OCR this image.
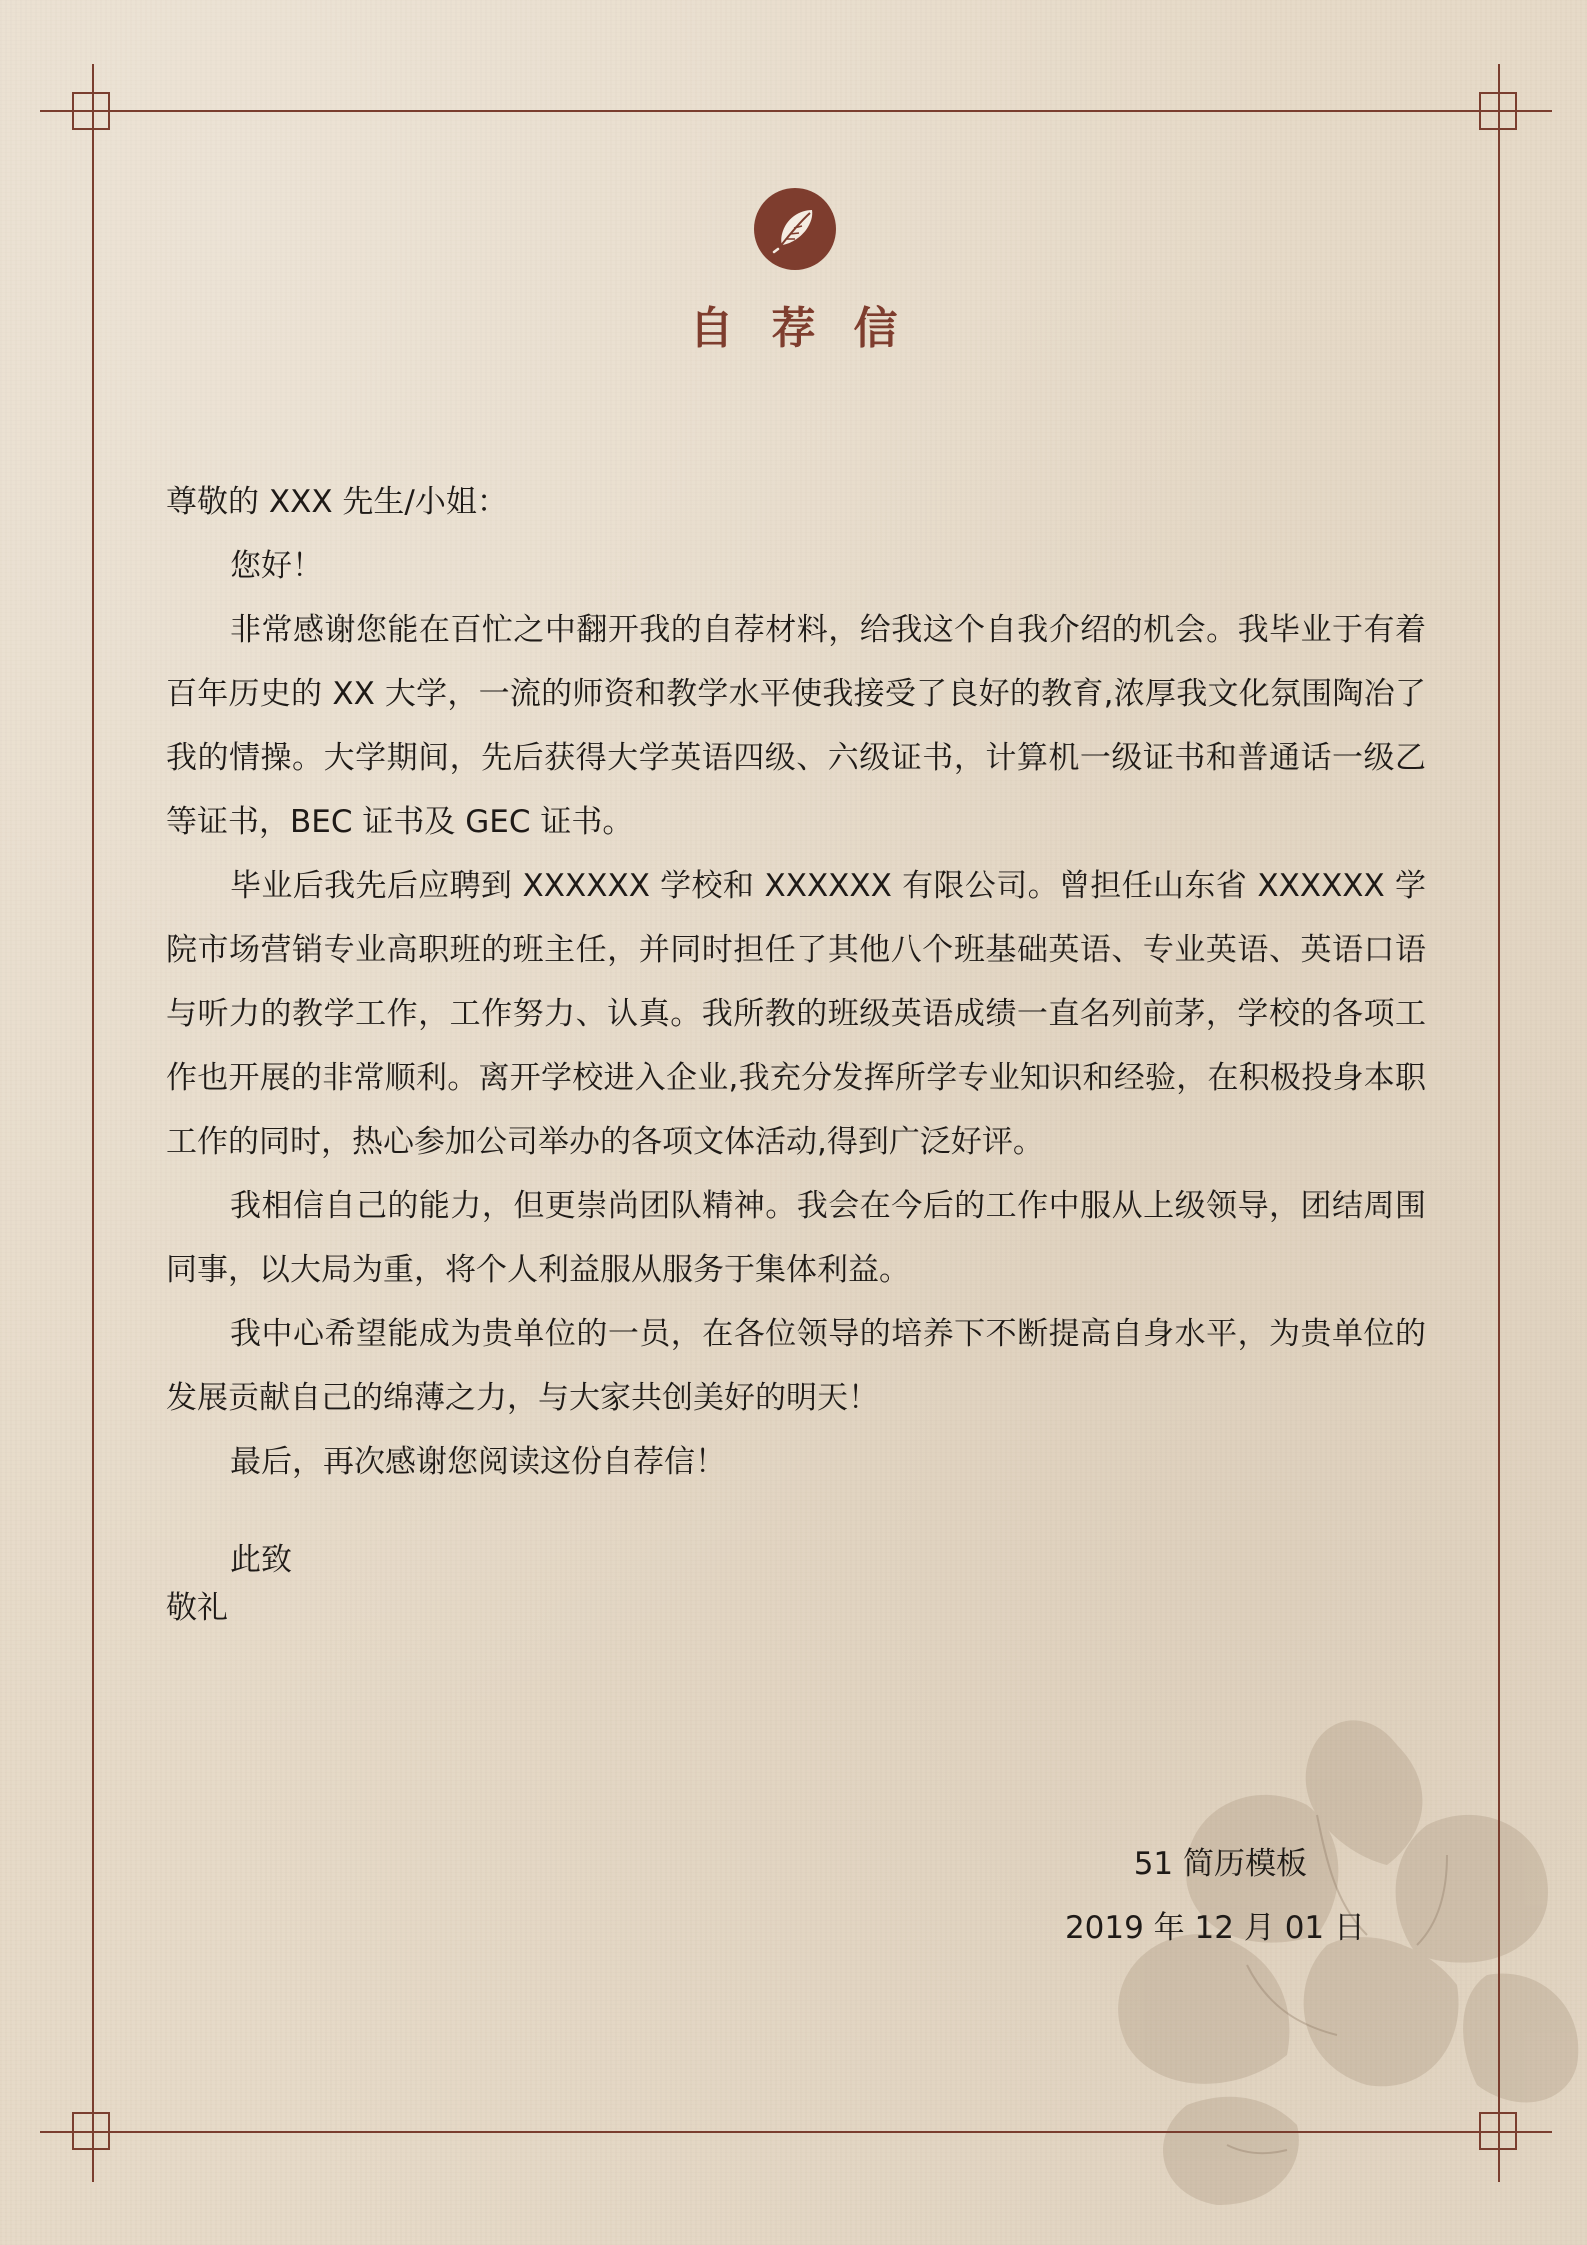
自荐信

尊敬的 XXX 先生/小姐：

您好！

非常感谢您能在百忙之中翻开我的自荐材料，给我这个自我介绍的机会。我毕业于有着百年历史的 XX 大学，一流的师资和教学水平使我接受了良好的教育,浓厚我文化氛围陶冶了我的情操。大学期间，先后获得大学英语四级、六级证书，计算机一级证书和普通话一级乙等证书，BEC 证书及 GEC 证书。

毕业后我先后应聘到 XXXXXX 学校和 XXXXXX 有限公司。曾担任山东省 XXXXXX 学院市场营销专业高职班的班主任，并同时担任了其他八个班基础英语、专业英语、英语口语与听力的教学工作，工作努力、认真。我所教的班级英语成绩一直名列前茅，学校的各项工作也开展的非常顺利。离开学校进入企业,我充分发挥所学专业知识和经验，在积极投身本职工作的同时，热心参加公司举办的各项文体活动,得到广泛好评。

我相信自己的能力，但更崇尚团队精神。我会在今后的工作中服从上级领导，团结周围同事，以大局为重，将个人利益服从服务于集体利益。

我中心希望能成为贵单位的一员，在各位领导的培养下不断提高自身水平，为贵单位的发展贡献自己的绵薄之力，与大家共创美好的明天！

最后，再次感谢您阅读这份自荐信！

此致
敬礼
51 简历模板
2019 年 12 月 01 日
